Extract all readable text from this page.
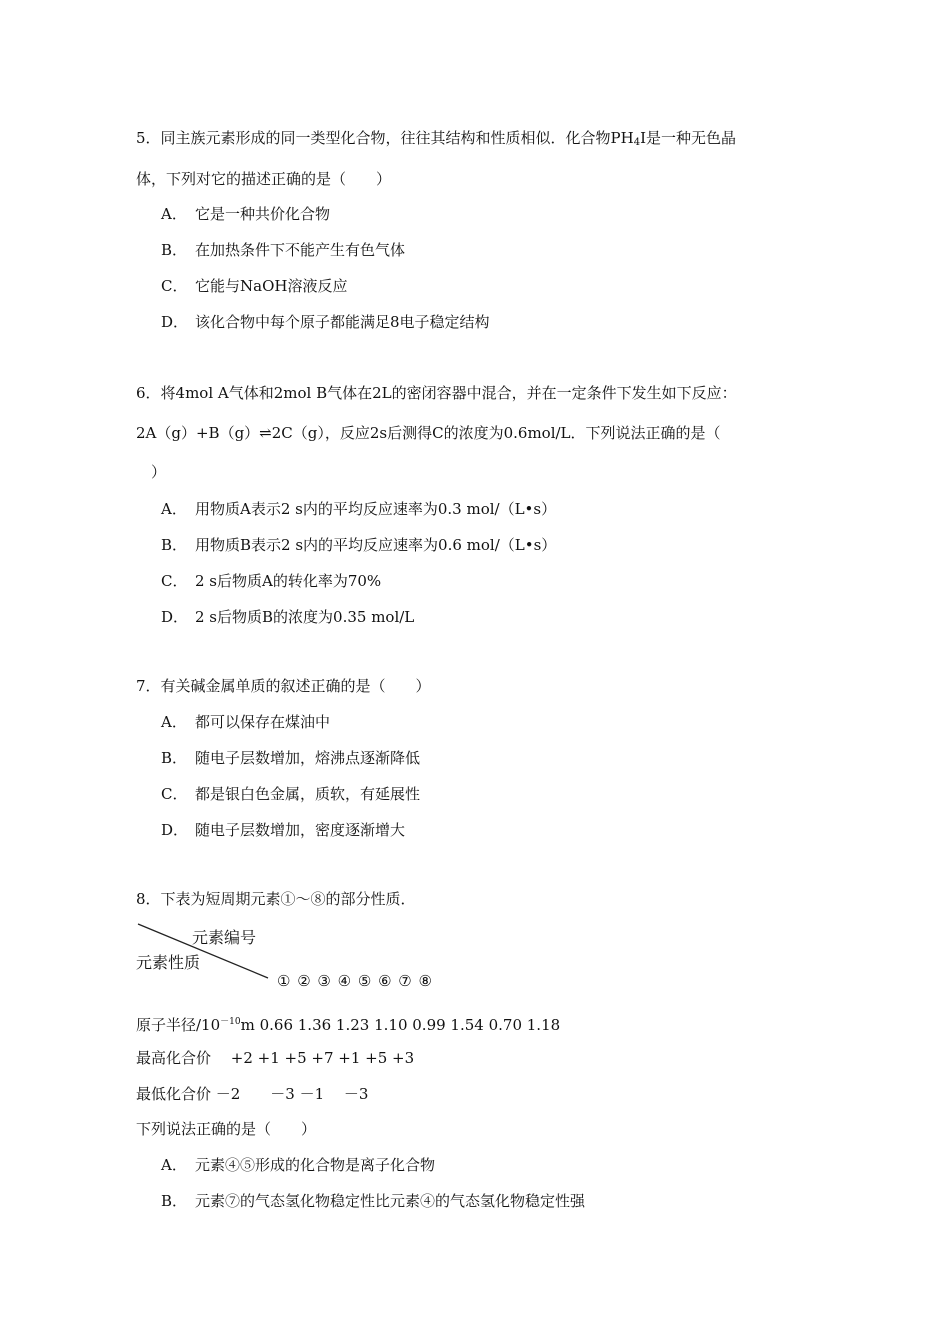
5．同主族元素形成的同一类型化合物，往往其结构和性质相似．化合物$PH_4I$是一种无色晶
体，下列对它的描述正确的是（　　）
A． 它是一种共价化合物
B． 在加热条件下不能产生有色气体
C． 它能与NaOH溶液反应
D． 该化合物中每个原子都能满足8电子稳定结构
6．将4mol A气体和2mol B气体在2L的密闭容器中混合，并在一定条件下发生如下反应：
2A（g）+B（g）⇌2C（g），反应2s后测得C的浓度为0.6mol/L．下列说法正确的是（
　）
A． 用物质A表示2 s内的平均反应速率为0.3 mol/（L•s）
B． 用物质B表示2 s内的平均反应速率为0.6 mol/（L•s）
C． 2 s后物质A的转化率为70%
D． 2 s后物质B的浓度为0.35 mol/L
7．有关碱金属单质的叙述正确的是（　　）
A． 都可以保存在煤油中
B． 随电子层数增加，熔沸点逐渐降低
C． 都是银白色金属，质软，有延展性
D． 随电子层数增加，密度逐渐增大
8．下表为短周期元素①～⑧的部分性质．
元素编号
元素性质
① ② ③ ④ ⑤ ⑥ ⑦ ⑧
原子半径$/10^{-10}m$ 0.66 1.36 1.23 1.10 0.99 1.54 0.70 1.18
最高化合价　 +2 +1 +5 +7 +1 +5 +3
最低化合价 －2　　－3 －1　 －3
下列说法正确的是（　　）
A． 元素④⑤形成的化合物是离子化合物
B． 元素⑦的气态氢化物稳定性比元素④的气态氢化物稳定性强
